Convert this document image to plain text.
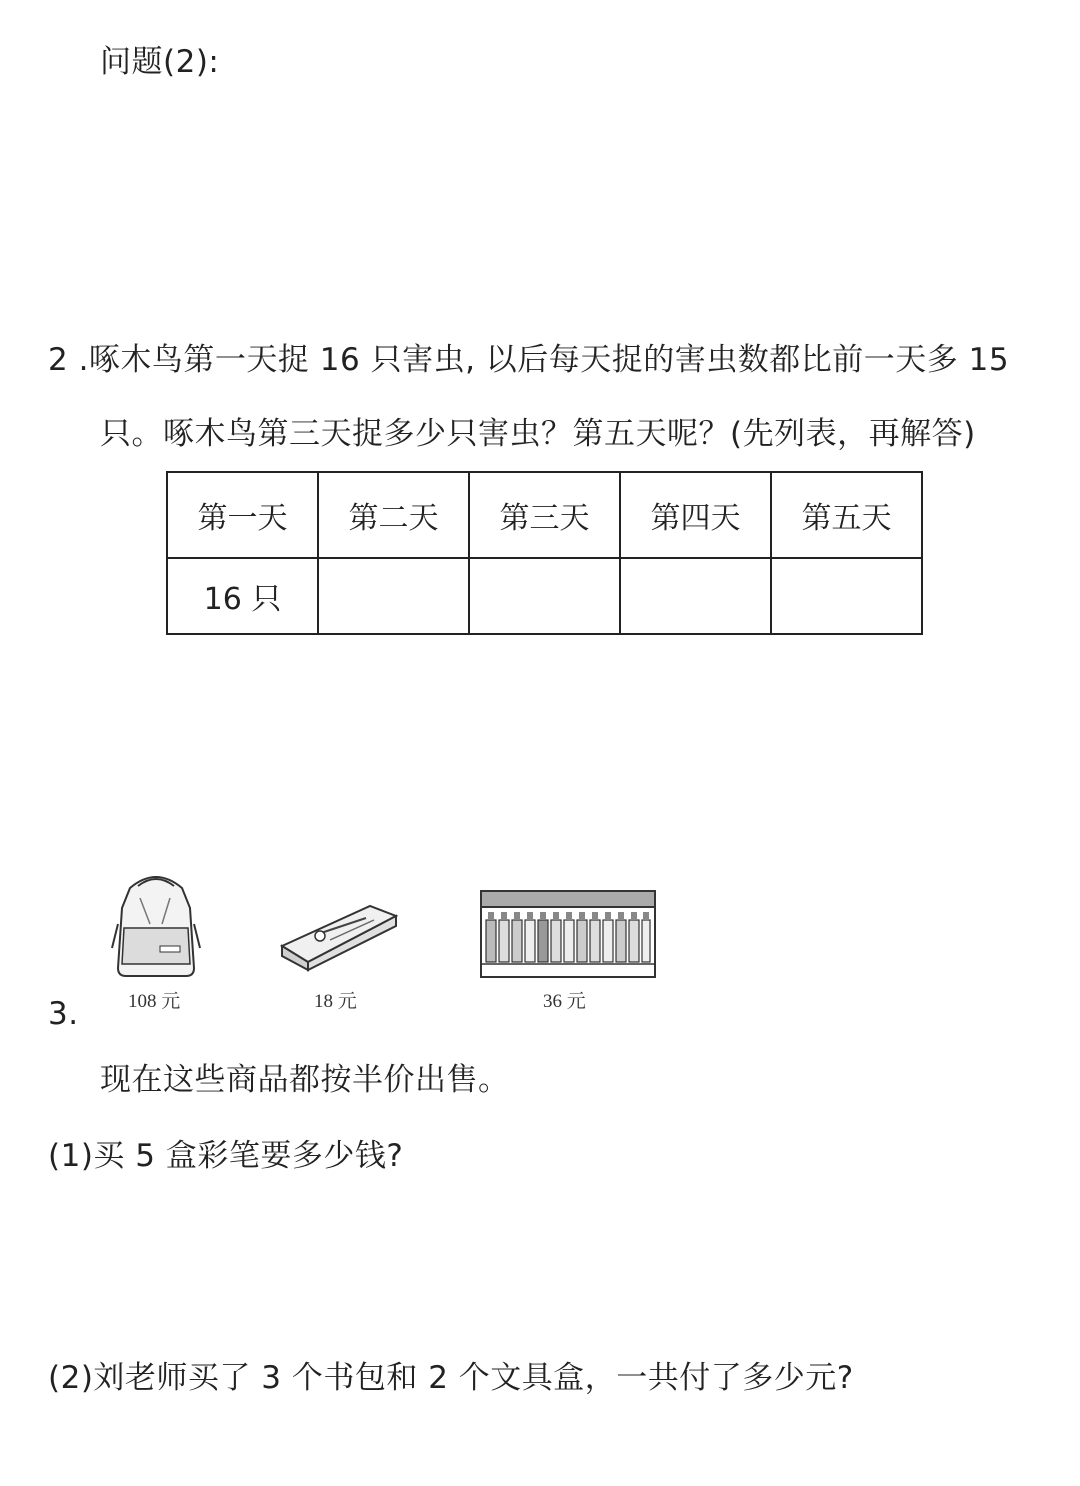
问题(2):
2 .啄木鸟第一天捉 16 只害虫, 以后每天捉的害虫数都比前一天多 15
只。啄木鸟第三天捉多少只害虫？第五天呢？(先列表，再解答)
第一天	第二天	第三天	第四天	第五天
16 只				
3.	108 元	18 元	36 元
现在这些商品都按半价出售。
(1)买 5 盒彩笔要多少钱?
(2)刘老师买了 3 个书包和 2 个文具盒，一共付了多少元?
